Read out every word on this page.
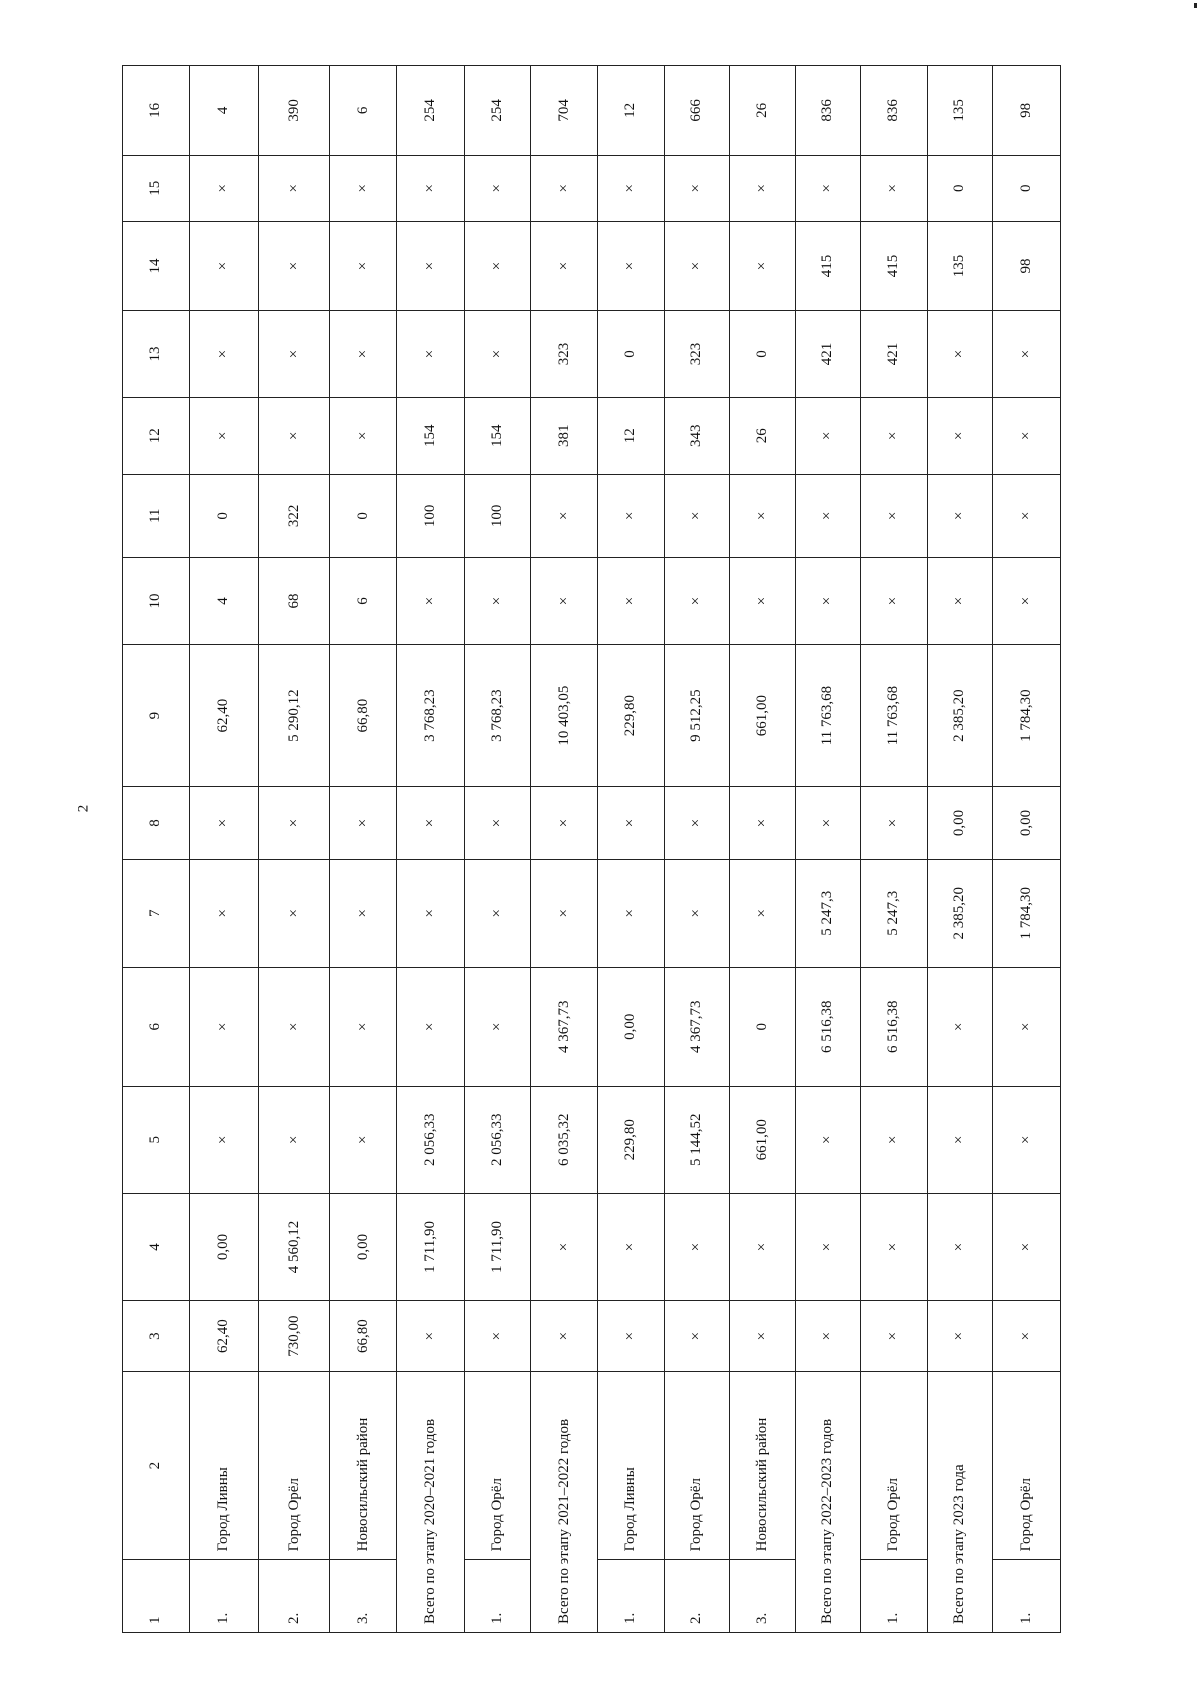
2
1	2	3	4	5	6	7	8	9	10	11	12	13	14	15	16
1.	Город Ливны	62,40	0,00	×	×	×	×	62,40	4	0	×	×	×	×	4
2.	Город Орёл	730,00	4 560,12	×	×	×	×	5 290,12	68	322	×	×	×	×	390
3.	Новосильский район	66,80	0,00	×	×	×	×	66,80	6	0	×	×	×	×	6
Всего по этапу 2020–2021 годов		×	1 711,90	2 056,33	×	×	×	3 768,23	×	100	154	×	×	×	254
1.	Город Орёл	×	1 711,90	2 056,33	×	×	×	3 768,23	×	100	154	×	×	×	254
Всего по этапу 2021–2022 годов		×	×	6 035,32	4 367,73	×	×	10 403,05	×	×	381	323	×	×	704
1.	Город Ливны	×	×	229,80	0,00	×	×	229,80	×	×	12	0	×	×	12
2.	Город Орёл	×	×	5 144,52	4 367,73	×	×	9 512,25	×	×	343	323	×	×	666
3.	Новосильский район	×	×	661,00	0	×	×	661,00	×	×	26	0	×	×	26
Всего по этапу 2022–2023 годов		×	×	×	6 516,38	5 247,3	×	11 763,68	×	×	×	421	415	×	836
1.	Город Орёл	×	×	×	6 516,38	5 247,3	×	11 763,68	×	×	×	421	415	×	836
Всего по этапу 2023 года		×	×	×	×	2 385,20	0,00	2 385,20	×	×	×	×	135	0	135
1.	Город Орёл	×	×	×	×	1 784,30	0,00	1 784,30	×	×	×	×	98	0	98
